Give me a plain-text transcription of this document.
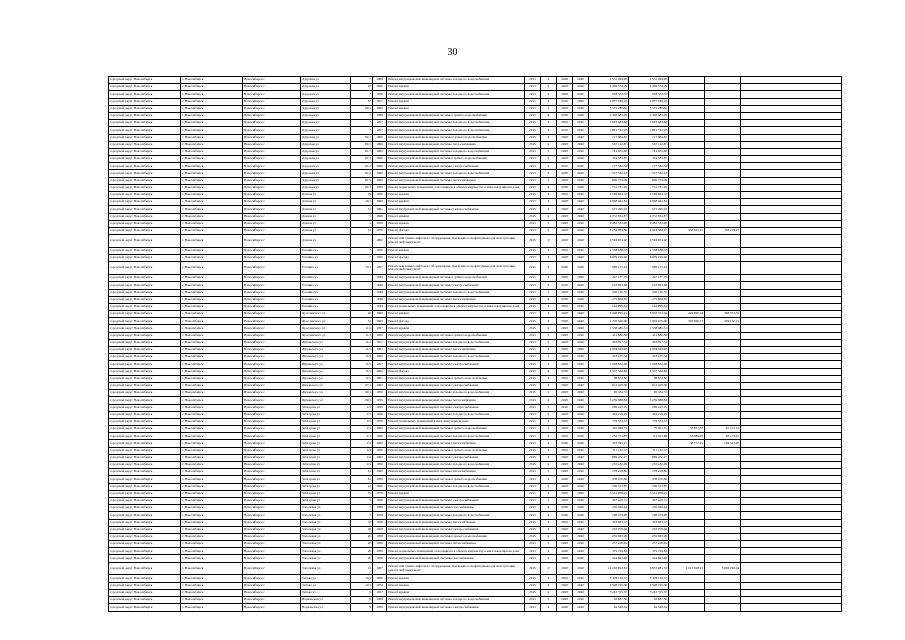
30
городской округ Новосибирск	г. Новосибирск	Новосибирск г	Даурская ул	7	1968	Ремонт внутридомовой инженерной системы холодного водоснабжения	2015	0	2028	2040	2 531 994,00	2 531 994,00			
городской округ Новосибирск	г. Новосибирск	Новосибирск г	Даурская ул	20	1960	Ремонт крыши	2015	0	2028	2040	4 466 559,29	4 466 559,29			
городской округ Новосибирск	г. Новосибирск	Новосибирск г	Даурская ул	7	1958	Ремонт внутридомовой инженерной системы холодного водоснабжения	2015	0	2028	2040	658 353,53	658 353,53			
городской округ Новосибирск	г. Новосибирск	Новосибирск г	Даурская ул	87	1957	Ремонт крыши	2015	0	2016	2040	6 077 029,16	6 077 029,16			
городской округ Новосибирск	г. Новосибирск	Новосибирск г	Даурская ул	89/1	1960	Ремонт крыши	2015	0	2028	2040	5 171 280,84	5 171 280,84			
городской округ Новосибирск	г. Новосибирск	Новосибирск г	Даурская ул	7	1958	Ремонт внутридомовой инженерной системы горячего водоснабжения	2015	0	2028	2040	1 320 685,29	1 320 685,29			
городской округ Новосибирск	г. Новосибирск	Новосибирск г	Даурская ул	7	1957	Ремонт внутридомовой инженерной системы холодного водоснабжения	2015	0	2028	2040	1 625 483,68	1 625 483,68			
городской округ Новосибирск	г. Новосибирск	Новосибирск г	Даурская ул	7	1957	Ремонт внутридомовой инженерной системы холодного водоснабжения	2015	0	2016	2040	1 821 722,28	1 821 722,28			
городской округ Новосибирск	г. Новосибирск	Новосибирск г	Даурская ул	81/1	1960	Ремонт внутридомовой инженерной системы горячего водоснабжения	2015	0	2028	2040	717 884,83	717 884,83			
городской округ Новосибирск	г. Новосибирск	Новосибирск г	Даурская ул	81/1	1960	Ремонт внутридомовой инженерной системы теплоснабжения	2015	0	2028	2040	567 122,87	567 122,87			
городской округ Новосибирск	г. Новосибирск	Новосибирск г	Даурская ул	81/1	1960	Ремонт внутридомовой инженерной системы холодного водоснабжения	2015	0	2028	2040	711 635,40	711 635,40			
городской округ Новосибирск	г. Новосибирск	Новосибирск г	Даурская ул	81/1	1960	Ремонт внутридомовой инженерной системы горячего водоснабжения	2015	0	2028	2040	352 385,87	352 385,87			
городской округ Новосибирск	г. Новосибирск	Новосибирск г	Даурская ул	81/2	1960	Ремонт внутридомовой инженерной системы электроснабжения	2015	0	2016	2040	177 382,54	177 382,54			
городской округ Новосибирск	г. Новосибирск	Новосибирск г	Даурская ул	81/2	1960	Ремонт внутридомовой инженерной системы холодного водоснабжения	2015	0	2028	2040	227 565,41	227 565,41			
городской округ Новосибирск	г. Новосибирск	Новосибирск г	Даурская ул	81/2	1960	Ремонт внутридомовой инженерной системы теплоснабжения	2015	0	2028	2040	860 752,28	860 752,28			
городской округ Новосибирск	г. Новосибирск	Новосибирск г	Даурская ул	81/2	1959	Ремонт подвальных помещений, относящихся к общему имуществу в многоквартирном доме	2015	0	2028	2040	712 737,20	712 737,20			
городской округ Новосибирск	г. Новосибирск	Новосибирск г	Дачная ул	79	1960	Ремонт крыши	2015	0	2028	2040	2 166 692,18	2 166 692,18			
городской округ Новосибирск	г. Новосибирск	Новосибирск г	Дачная ул	20/1	1960	Ремонт крыши	2015	0	2028	2040	2 968 941,81	2 968 941,81			
городской округ Новосибирск	г. Новосибирск	Новосибирск г	Дачная ул	51	1961	Ремонт внутридомовой инженерной системы электроснабжения	2015	0	2028	2040	971 490,93	971 490,93			
городской округ Новосибирск	г. Новосибирск	Новосибирск г	Дачная ул	5	1966	Ремонт крыши	2015	0	2028	2040	4 732 654,87	4 732 654,87			
городской округ Новосибирск	г. Новосибирск	Новосибирск г	Дачная ул	4	1958	Ремонт крыши	2015	0	2028	2040	4 483 333,00	4 483 333,00			
городской округ Новосибирск	г. Новосибирск	Новосибирск г	Дачная ул	61	1976	Ремонт фасада	2015	0	2028	2040	4 234 069,80	2 423 380,97	430 841,07	358 218,91	
городской округ Новосибирск	г. Новосибирск	Новосибирск г	Дачная ул		1990	Ремонт или замена лифтового оборудования, признанного непригодным для эксплуатации, ремонт лифтовых шахт	2015	0	2028	2040	2 593 951,40	2 593 951,40			
городской округ Новосибирск	г. Новосибирск	Новосибирск г	Есенина ул	7	1956	Ремонт крыши	2015	0	2028	2040	1 338 188,33	1 338 188,33			
городской округ Новосибирск	г. Новосибирск	Новосибирск г	Есенина ул	7	1956	Ремонт фасада	2015	0	2028	2040	4 639 220,00	4 639 220,00			
городской округ Новосибирск	г. Новосибирск	Новосибирск г	Есенина ул	10/1	1957	Ремонт или замена лифтового оборудования, признанного непригодным для эксплуатации, ремонт лифтовых шахт	2015	0	2028	2040	980 172,24	980 172,24			
городской округ Новосибирск	г. Новосибирск	Новосибирск г	Есенина ул		1946	Ремонт внутридомовой инженерной системы горячего водоснабжения	2015	0	2028	2040	297 137,79	297 137,79			
городской округ Новосибирск	г. Новосибирск	Новосибирск г	Есенина ул		1949	Ремонт внутридомовой инженерной системы электроснабжения	2015	0	2016	2040	512 093,69	512 093,69			
городской округ Новосибирск	г. Новосибирск	Новосибирск г	Есенина ул		1948	Ремонт внутридомовой инженерной системы холодного водоснабжения	2015	0	2028	2040	200 120,55	200 120,55			
городской округ Новосибирск	г. Новосибирск	Новосибирск г	Есенина ул		1946	Ремонт внутридомовой инженерной системы теплоснабжения	2015	0	2028	2040	275 860,65	275 860,65			
городской округ Новосибирск	г. Новосибирск	Новосибирск г	Есенина ул	7	1948	Ремонт подвальных помещений, относящихся к общему имуществу в многоквартирном доме	2015	0	2028	2040	542 999,02	542 999,02			
городской округ Новосибирск	г. Новосибирск	Новосибирск г	Ярославского ул	20	1960	Ремонт крыши	2015	0	2028	2040	4 498 895,21	3 935 372,04	449 906,14	398 372,76	
городской округ Новосибирск	г. Новосибирск	Новосибирск г	Ярославского ул	31	1963	Ремонт фасада	2015	0	2028	2040	1 705 346,00	1 604 470,00	305 846,31	329 152,13	
городской округ Новосибирск	г. Новосибирск	Новосибирск г	Ярославского ул	11/2	1957	Ремонт крыши	2015	0	2028	2040	1 538 489,31	1 538 489,31			
городской округ Новосибирск	г. Новосибирск	Новосибирск г	Ярославского ул	11/3	1956	Ремонт внутридомовой инженерной системы горячего водоснабжения	2015	0	2028	2040	421 886,38	421 886,38			
городской округ Новосибирск	г. Новосибирск	Новосибирск г	Жуковского ул	11/4	1957	Ремонт внутридомовой инженерной системы холодного водоснабжения	2015	0	2028	2040	467 907,74	467 907,74			
городской округ Новосибирск	г. Новосибирск	Новосибирск г	Жуковского ул	11/4	1962	Ремонт внутридомовой инженерной системы теплоснабжения	2015	0	2028	2040	2 878 328,28	2 878 328,28			
городской округ Новосибирск	г. Новосибирск	Новосибирск г	Жуковского ул	11/4	1960	Ремонт внутридомовой инженерной системы холодного водоснабжения	2015	0	2028	2040	323 165,34	323 165,34			
городской округ Новосибирск	г. Новосибирск	Новосибирск г	Жуковского ул	11/4	1957	Ремонт внутридомовой инженерной системы электроснабжения	2015	0	2028	2040	1 918 852,60	1 918 852,60			
городской округ Новосибирск	г. Новосибирск	Новосибирск г	Жуковского ул	11/5	1960	Ремонт фасада	2015	0	2028	2040	2 537 322,86	2 537 322,86			
городской округ Новосибирск	г. Новосибирск	Новосибирск г	Жуковского ул	11/5	1961	Ремонт внутридомовой инженерной системы горячего водоснабжения	2015	0	2028	2040	89 652,86	89 652,86			
городской округ Новосибирск	г. Новосибирск	Новосибирск г	Жуковского ул	97/1	1960	Ремонт внутридомовой инженерной системы электроснабжения	2015	0	2028	2040	913 428,00	913 428,00			
городской округ Новосибирск	г. Новосибирск	Новосибирск г	Жуковского ул	99/1	1956	Ремонт внутридомовой инженерной системы холодного водоснабжения	2015	0	2028	2040	95 354,72	95 354,72			
городской округ Новосибирск	г. Новосибирск	Новосибирск г	Жуковского ул	99/2	1959	Ремонт внутридомовой инженерной системы теплоснабжения	2015	0	2028	2040	3 239 888,82	3 239 888,82			
городской округ Новосибирск	г. Новосибирск	Новосибирск г	Забалуева ул	2/1	1959	Ремонт внутридомовой инженерной системы электроснабжения	2015	0	2016	2040	299 415,19	299 415,19			
городской округ Новосибирск	г. Новосибирск	Новосибирск г	Забалуева ул	2/2	1958	Ремонт внутридомовой инженерной системы холодного водоснабжения	2015	0	2028	2040	494 216,25	494 216,25			
городской округ Новосибирск	г. Новосибирск	Новосибирск г	Забалуева ул	2/3	1959	Ремонт подвальных помещений в многоквартирном доме	2015	0	2028	2040	776 353,53	776 353,53			
городской округ Новосибирск	г. Новосибирск	Новосибирск г	Забалуева ул	2/3	1960	Ремонт внутридомовой инженерной системы горячего водоснабжения	2015	0	2028	2040	320 498,73	75 391,27	33 951,67	91 121,22	
городской округ Новосибирск	г. Новосибирск	Новосибирск г	Забалуева ул	2/3	1960	Ремонт внутридомовой инженерной системы холодного водоснабжения	2015	0	2028	2040	253 751,87	114 591,80	53 089,05	83 113,02	
городской округ Новосибирск	г. Новосибирск	Новосибирск г	Забалуева ул	2/3	1960	Ремонт внутридомовой инженерной системы теплоснабжения	2015	0	2028	2040	503 395,21		38 772,21	149 323,00	
городской округ Новосибирск	г. Новосибирск	Новосибирск г	Забалуева ул	2/4	1960	Ремонт внутридомовой инженерной системы горячего водоснабжения	2015	0	2028	2040	311 142,31	311 142,31			
городской округ Новосибирск	г. Новосибирск	Новосибирск г	Забалуева ул	2/4	1960	Ремонт внутридомовой инженерной системы электроснабжения	2015	0	2028	2040	869 432,27	869 432,27			
городской округ Новосибирск	г. Новосибирск	Новосибирск г	Забалуева ул	2/4	1956	Ремонт внутридомовой инженерной системы холодного водоснабжения	2015	0	2028	2040	233 182,49	233 182,49			
городской округ Новосибирск	г. Новосибирск	Новосибирск г	Забалуева ул	41	1960	Ремонт внутридомовой инженерной системы теплоснабжения	2015	0	2028	2040	178 229,80	178 229,80			
городской округ Новосибирск	г. Новосибирск	Новосибирск г	Забалуева ул	41	1958	Ремонт внутридомовой инженерной системы горячего водоснабжения	2015	0	2028	2040	338 970,66	338 970,66			
городской округ Новосибирск	г. Новосибирск	Новосибирск г	Забалуева ул	41	1960	Ремонт внутридомовой инженерной системы холодного водоснабжения	2015	0	2028	2040	560 323,87	560 323,87			
городской округ Новосибирск	г. Новосибирск	Новосибирск г	Забалуева ул	51	1976	Ремонт крыши	2015	0	2028	2040	3 314 008,42	3 314 008,42			
городской округ Новосибирск	г. Новосибирск	Новосибирск г	Забалуева ул	5	1958	Ремонт внутридомовой инженерной системы электроснабжения	2015	0	2028	2040	447 416,15	447 416,15			
городской округ Новосибирск	г. Новосибирск	Новосибирск г	Тополевая ул	7	1958	Ремонт внутридомовой инженерной системы газоснабжения	2015	0	2028	2040	230 096,64	230 096,64			
городской округ Новосибирск	г. Новосибирск	Новосибирск г	Тополевая ул	7	1959	Ремонт внутридомовой инженерной системы холодного водоснабжения	2015	0	2028	2040	160 233,90	160 233,90			
городской округ Новосибирск	г. Новосибирск	Новосибирск г	Тополевая ул	18	1958	Ремонт внутридомовой инженерной системы теплоснабжения	2015	0	2028	2040	303 965,31	303 965,31			
городской округ Новосибирск	г. Новосибирск	Новосибирск г	Тополевая ул	20	1958	Ремонт внутридомовой инженерной системы электроснабжения	2015	0	2028	2040	203 078,46	203 078,46			
городской округ Новосибирск	г. Новосибирск	Новосибирск г	Тополевая ул	20	1958	Ремонт внутридомовой инженерной системы горячего водоснабжения	2015	0	2028	2040	255 963,96	255 963,96			
городской округ Новосибирск	г. Новосибирск	Новосибирск г	Тополевая ул	20	1958	Ремонт внутридомовой инженерной системы теплоснабжения	2015	0	2028	2040	237 416,04	237 416,04			
городской округ Новосибирск	г. Новосибирск	Новосибирск г	Тополевая ул	20	1958	Ремонт подвальных помещений, относящихся к общему имуществу в многоквартирном доме	2015	0	2028	2040	375 720,81	375 720,81			
городской округ Новосибирск	г. Новосибирск	Новосибирск г	Тополевая ул	20	1958	Ремонт внутридомовой инженерной системы газоснабжения	2015	0	2028	2040	244 695,60	244 695,60			
городской округ Новосибирск	г. Новосибирск	Новосибирск г	Тополевая ул	12	1997	Ремонт или замена лифтового оборудования, признанного непригодным для эксплуатации, ремонт лифтовых шахт	2015	0	2028	2040	12 102 692,65	6 637 081,53	2 015 928,91	3 049 766,94	
городской округ Новосибирск	г. Новосибирск	Новосибирск г	Титова ул	10/1	1990	Ремонт крыши	2015	0	2028	2040	3 403 150,51	3 403 150,51			
городской округ Новосибирск	г. Новосибирск	Новосибирск г	Титова ул	10/1	1972	Ремонт крыши	2015	0	2028	2040	2 598 745,00	2 598 745,00			
городской округ Новосибирск	г. Новосибирск	Новосибирск г	Титова ул	5	1957	Ремонт крыши	2015	0	2028	2040	3 241 745,37	3 241 745,37			
городской округ Новосибирск	г. Новосибирск	Новосибирск г	Норильская ул	9	1958	Ремонт внутридомовой инженерной системы холодного водоснабжения	2015	0	2028	2040	92 687,36	92 687,36			
городской округ Новосибирск	г. Новосибирск	Новосибирск г	Норильская ул	9	1958	Ремонт внутридомовой инженерной системы электроснабжения	2015	0	2028	2040	62 328,04	62 328,04			
